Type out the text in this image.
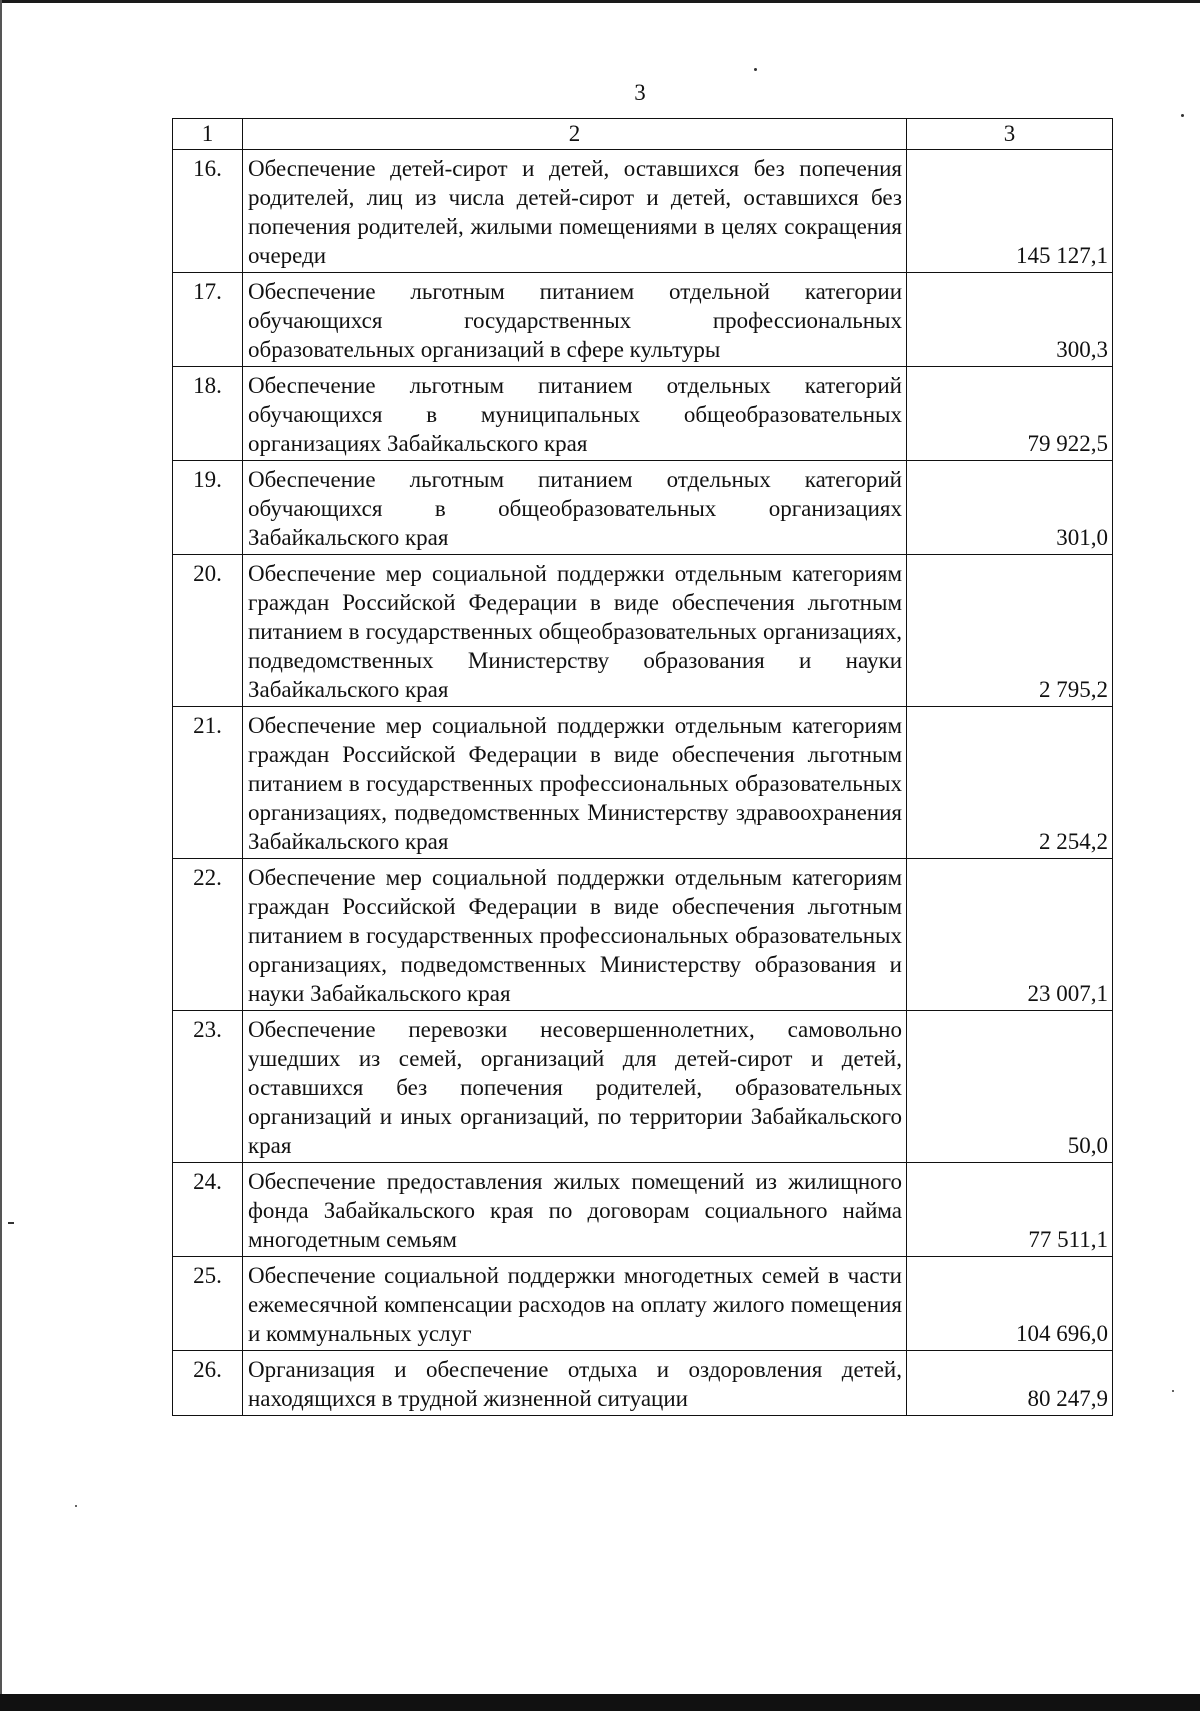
3
1	2	3
16.	Обеспечение детей-сирот и детей, оставшихся без попечения родителей, лиц из числа детей-сирот и детей, оставшихся без попечения родителей, жилыми помещениями в целях сокращения очереди	145 127,1
17.	Обеспечение льготным питанием отдельной категории обучающихся государственных профессиональных образовательных организаций в сфере культуры	300,3
18.	Обеспечение льготным питанием отдельных категорий обучающихся в муниципальных общеобразовательных организациях Забайкальского края	79 922,5
19.	Обеспечение льготным питанием отдельных категорий обучающихся в общеобразовательных организациях Забайкальского края	301,0
20.	Обеспечение мер социальной поддержки отдельным категориям граждан Российской Федерации в виде обеспечения льготным питанием в государственных общеобразовательных организациях, подведомственных Министерству образования и науки Забайкальского края	2 795,2
21.	Обеспечение мер социальной поддержки отдельным категориям граждан Российской Федерации в виде обеспечения льготным питанием в государственных профессиональных образовательных организациях, подведомственных Министерству здравоохранения Забайкальского края	2 254,2
22.	Обеспечение мер социальной поддержки отдельным категориям граждан Российской Федерации в виде обеспечения льготным питанием в государственных профессиональных образовательных организациях, подведомственных Министерству образования и науки Забайкальского края	23 007,1
23.	Обеспечение перевозки несовершеннолетних, самовольно ушедших из семей, организаций для детей-сирот и детей, оставшихся без попечения родителей, образовательных организаций и иных организаций, по территории Забайкальского края	50,0
24.	Обеспечение предоставления жилых помещений из жилищного фонда Забайкальского края по договорам социального найма многодетным семьям	77 511,1
25.	Обеспечение социальной поддержки многодетных семей в части ежемесячной компенсации расходов на оплату жилого помещения и коммунальных услуг	104 696,0
26.	Организация и обеспечение отдыха и оздоровления детей, находящихся в трудной жизненной ситуации	80 247,9
